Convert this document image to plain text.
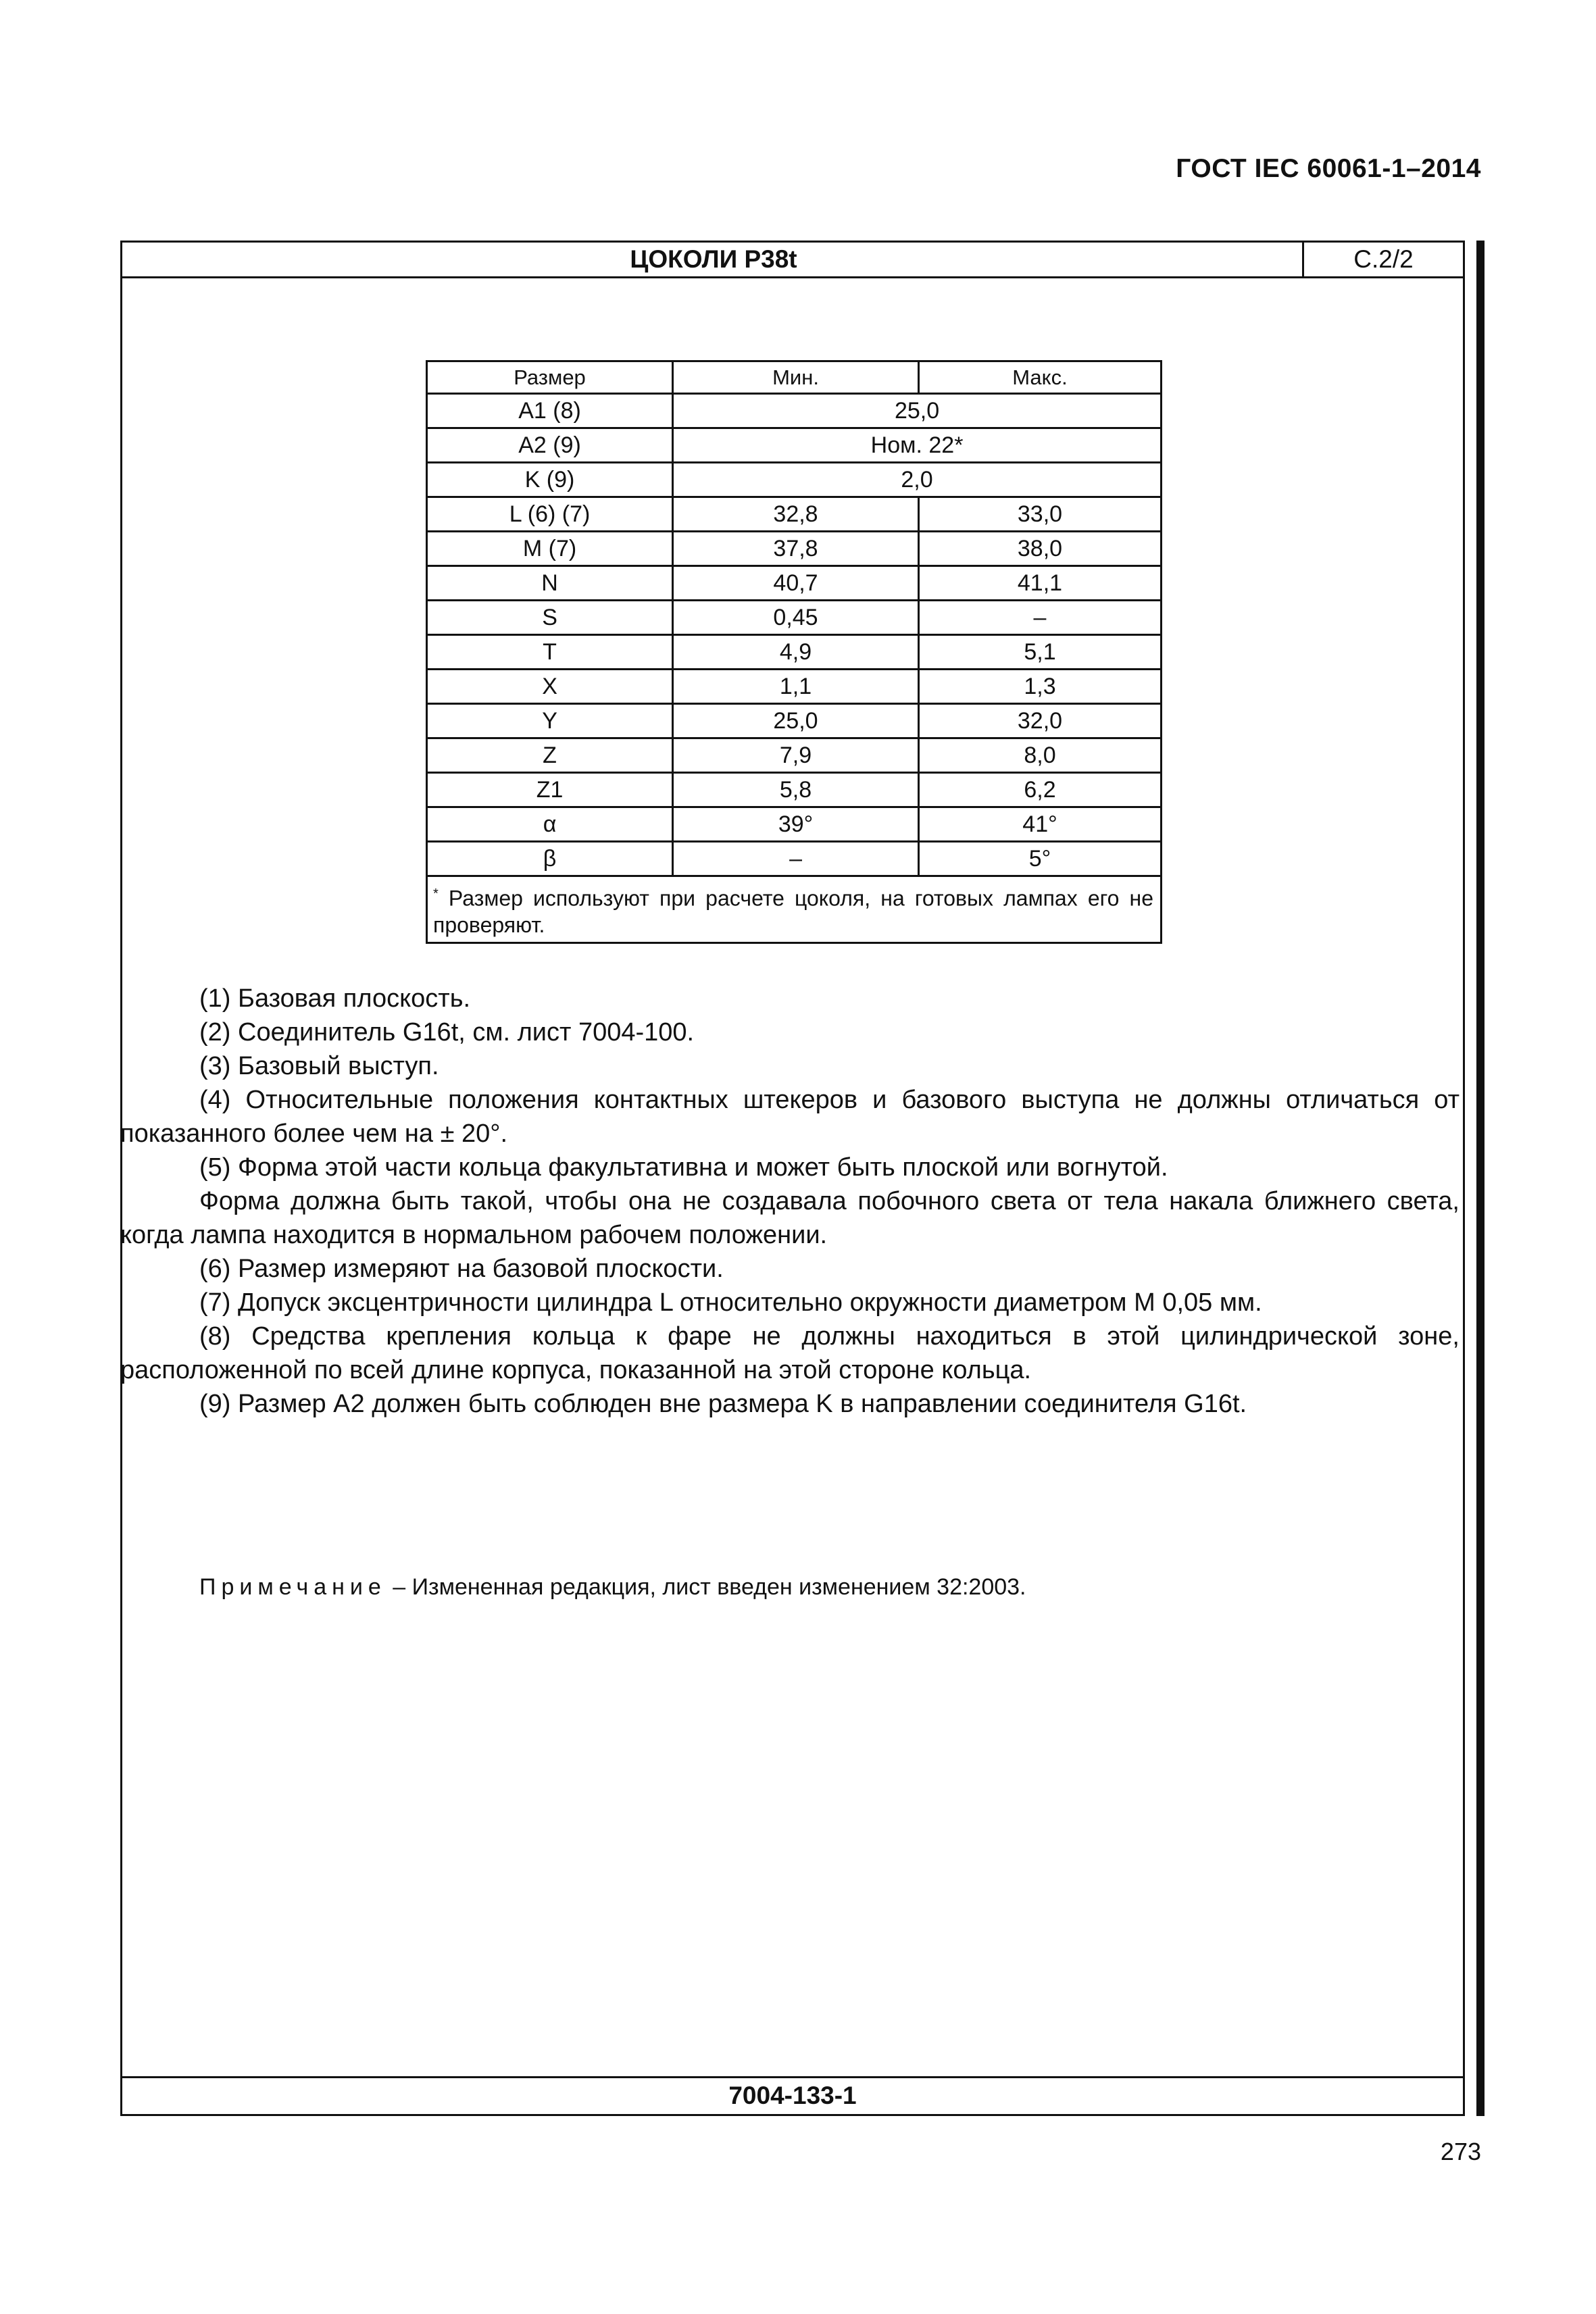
ГОСТ IEC 60061-1–2014
ЦОКОЛИ P38t	С.2/2
7004-133-1
Размер	Мин.	Макс.
A1 (8)	25,0	
A2 (9)	Ном. 22*	
K (9)	2,0	
L (6) (7)	32,8	33,0
M (7)	37,8	38,0
N	40,7	41,1
S	0,45	–
T	4,9	5,1
X	1,1	1,3
Y	25,0	32,0
Z	7,9	8,0
Z1	5,8	6,2
α	39°	41°
β	–	5°
* Размер используют при расчете цоколя, на готовых лампах его не проверяют.		

(1) Базовая плоскость.

(2) Соединитель G16t, см. лист 7004-100.

(3) Базовый выступ.

(4) Относительные положения контактных штекеров и базового выступа не должны отличаться от показанного более чем на ± 20°.

(5) Форма этой части кольца факультативна и может быть плоской или вогнутой.

Форма должна быть такой, чтобы она не создавала побочного света от тела накала ближнего света, когда лампа находится в нормальном рабочем положении.

(6) Размер измеряют на базовой плоскости.

(7) Допуск эксцентричности цилиндра L относительно окружности диаметром М 0,05 мм.

(8) Средства крепления кольца к фаре не должны находиться в этой цилиндрической зоне, расположенной по всей длине корпуса, показанной на этой стороне кольца.

(9) Размер А2 должен быть соблюден вне размера K в направлении соединителя G16t.

Примечание – Измененная редакция, лист введен изменением 32:2003.
273
